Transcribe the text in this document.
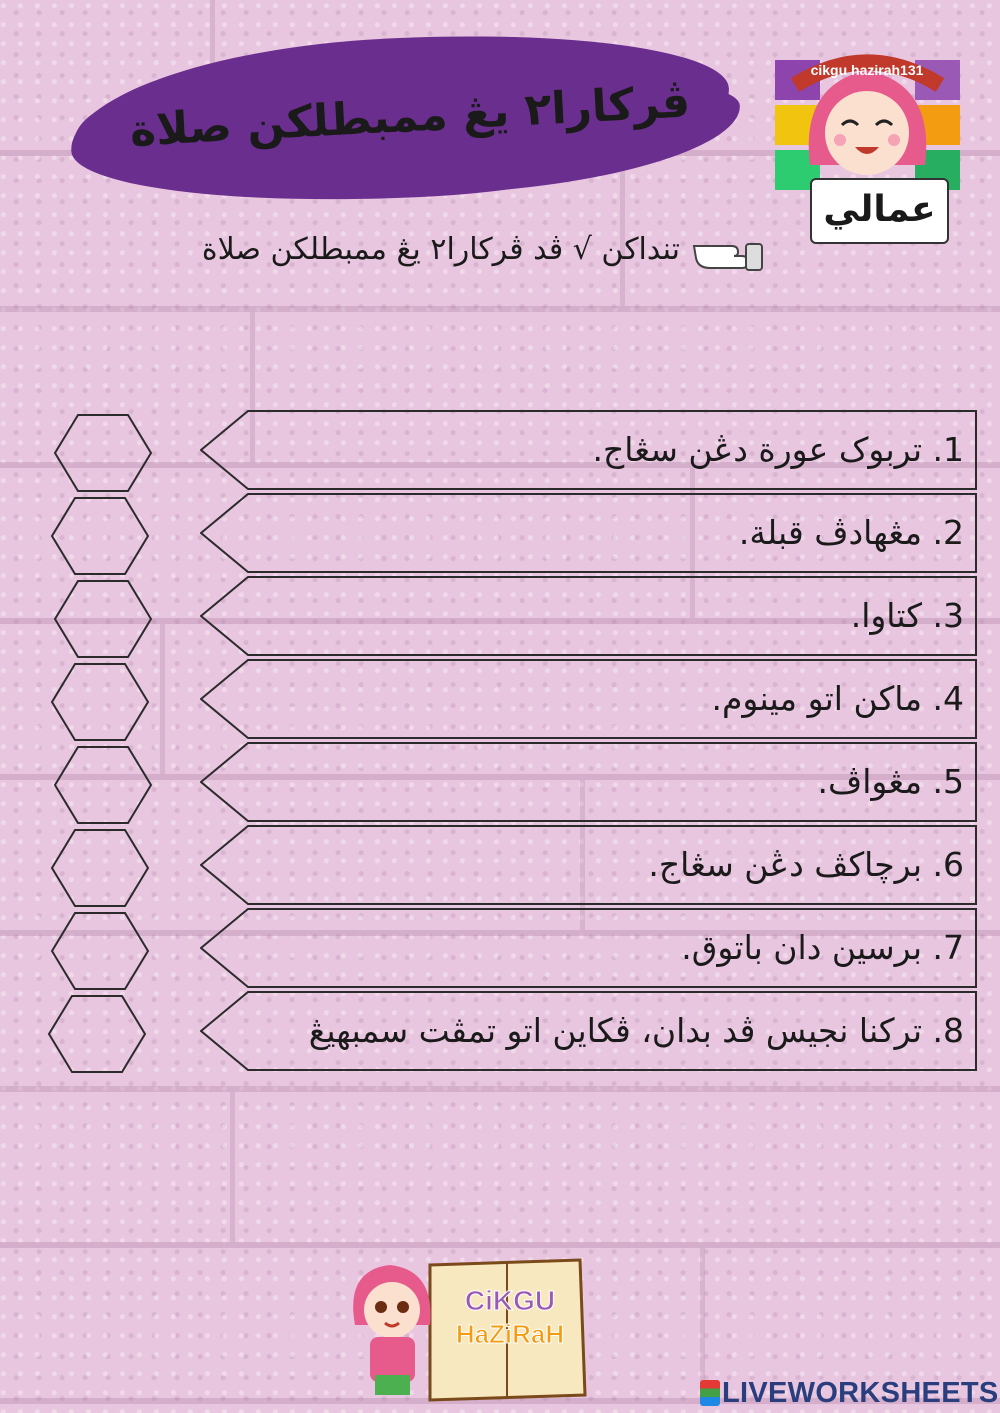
ڤركارا٢ يڠ ممبطلكن صلاة
cikgu hazirah131
عمالي
تنداكن √ ڤد ڤركارا٢ يڠ ممبطلكن صلاة
1. تربوک عورة دڠن سڠاج.
2. مڠهادڤ قبلة.
3. كتاوا.
4. ماكن اتو مينوم.
5. مڠواڤ.
6. برچاكڤ دڠن سڠاج.
7. برسين دان باتوق.
8. تركنا نجيس ڤد بدان، ڤكاين اتو تمڤت سمبهيڠ
CiKGU
HaZiRaH
LIVEWORKSHEETS
